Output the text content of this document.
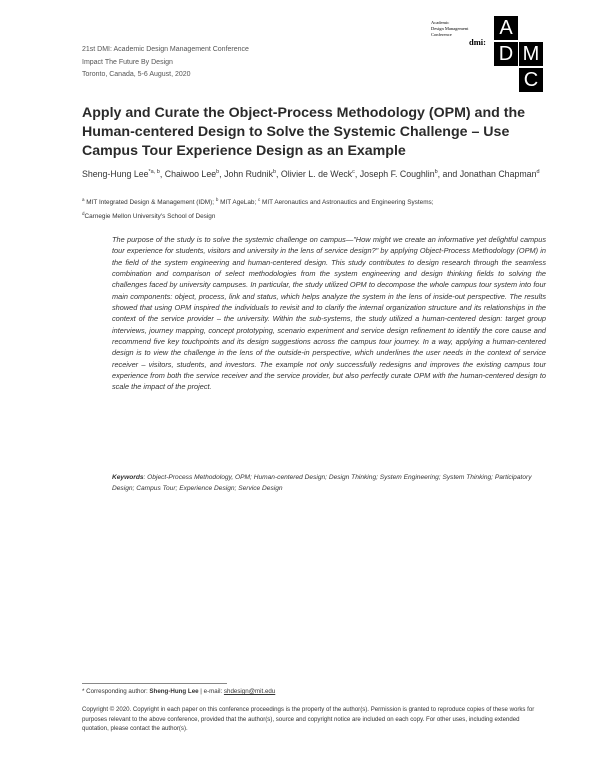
21st DMI: Academic Design Management Conference
Impact The Future By Design
Toronto, Canada, 5-6 August, 2020
Academic
Design Management
Conference
dmi:
A
D M
C
Apply and Curate the Object-Process Methodology (OPM) and the Human-centered Design to Solve the Systemic Challenge – Use Campus Tour Experience Design as an Example
Sheng-Hung Lee$^{*a, b}$, Chaiwoo Lee$^b$, John Rudnik$^b$, Olivier L. de Weck$^c$, Joseph F. Coughlin$^b$, and Jonathan Chapman$^d$
$^a$ MIT Integrated Design & Management (IDM); $^b$ MIT AgeLab; $^c$ MIT Aeronautics and Astronautics and Engineering Systems;
$^d$Carnegie Mellon University's School of Design
The purpose of the study is to solve the systemic challenge on campus—"How might we create an informative yet delightful campus tour experience for students, visitors and university in the lens of service design?" by applying Object-Process Methodology (OPM) in the field of the system engineering and human-centered design. This study contributes to design research through the seamless combination and comparison of select methodologies from the system engineering and design thinking fields to solving the challenges faced by university campuses. In particular, the study utilized OPM to decompose the whole campus tour system into four main components: object, process, link and status, which helps analyze the system in the lens of inside-out perspective. The results showed that using OPM inspired the individuals to revisit and to clarify the internal organization structure and its relationships in the context of the service provider – the university. Within the sub-systems, the study utilized a human-centered design: target group interviews, journey mapping, concept prototyping, scenario experiment and service design refinement to identify the core cause and recommend five key touchpoints and its design suggestions across the campus tour journey. In a way, applying a human-centered design is to view the challenge in the lens of the outside-in perspective, which underlines the user needs in the context of service receiver – visitors, students, and investors. The example not only successfully redesigns and improves the existing campus tour experience from both the service receiver and the service provider, but also perfectly curate OPM with the human-centered design to scale the impact of the project.
Keywords: Object-Process Methodology, OPM; Human-centered Design; Design Thinking; System Engineering; System Thinking; Participatory Design; Campus Tour; Experience Design; Service Design
* Corresponding author: Sheng-Hung Lee | e-mail: shdesign@mit.edu
Copyright © 2020. Copyright in each paper on this conference proceedings is the property of the author(s). Permission is granted to reproduce copies of these works for purposes relevant to the above conference, provided that the author(s), source and copyright notice are included on each copy. For other uses, including extended quotation, please contact the author(s).
